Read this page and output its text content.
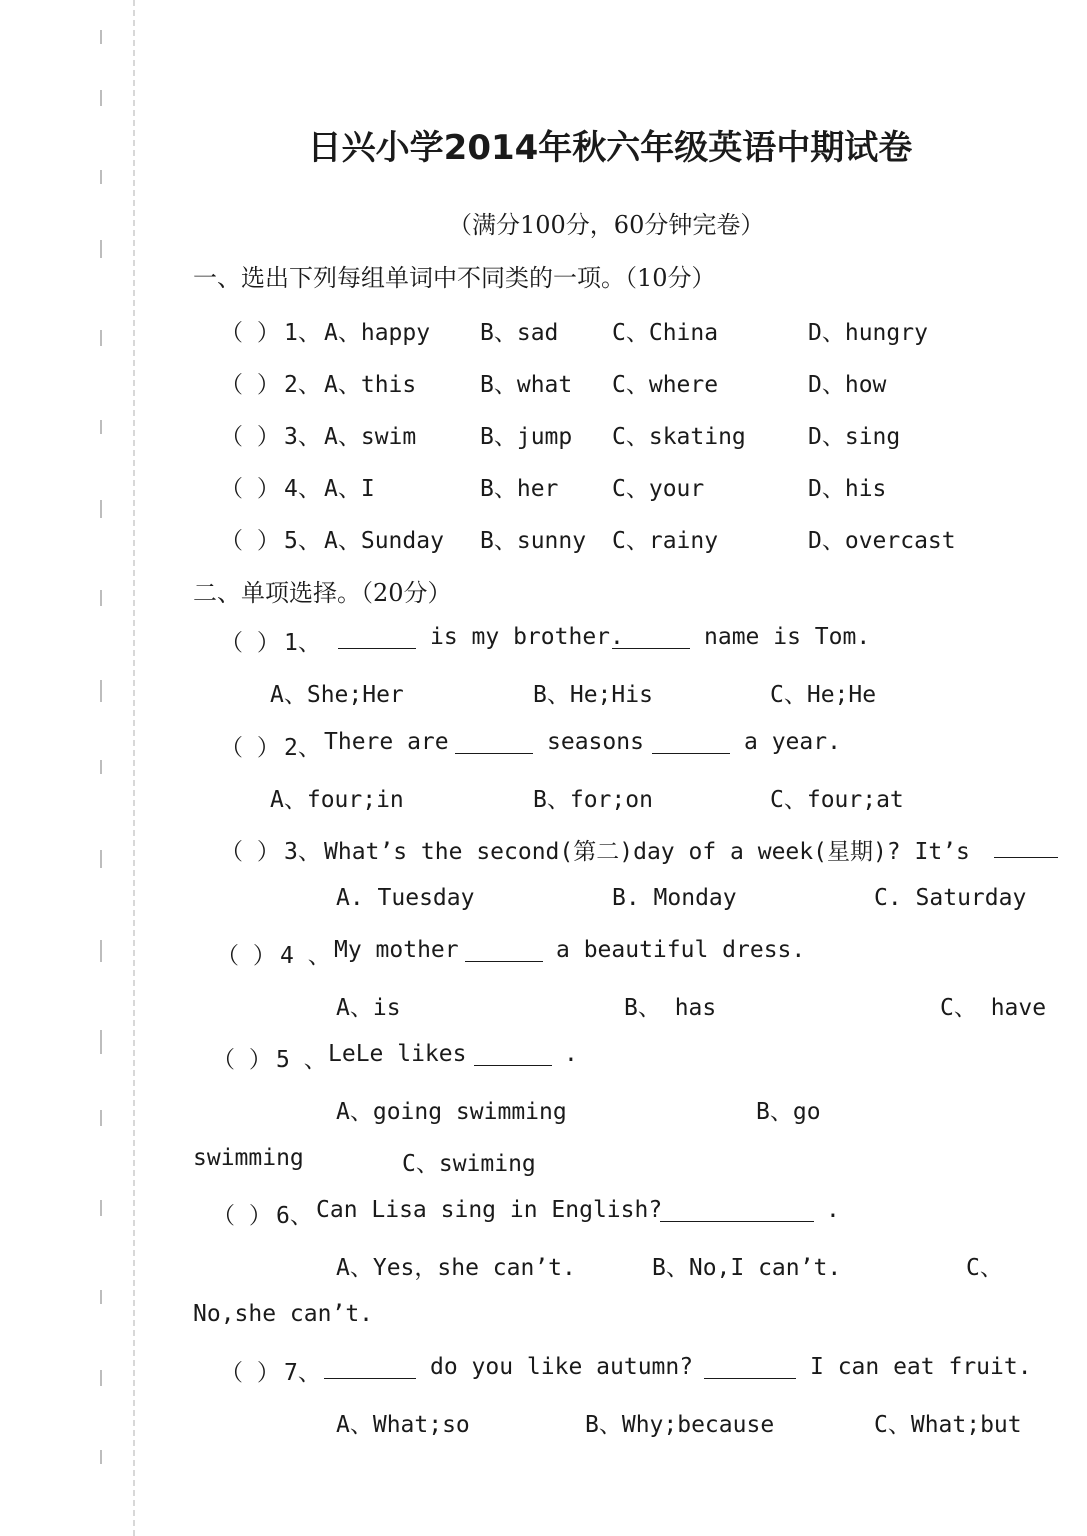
日兴小学2014年秋六年级英语中期试卷
（满分100分，60分钟完卷）
一、选出下列每组单词中不同类的一项。（10分）
（ ） 1、 A、happy B、sad C、China	D、hungry
（ ） 2、 A、this	B、what C、where	D、how
（ ） 3、 A、swim	B、jump C、skating	D、sing
（ ） 4、 A、I	B、her C、your	D、his
（ ） 5、 A、Sunday B、sunny C、rainy	D、overcast
二、单项选择。（20分）
（ ） 1、	is my brother.	name is Tom.
A、She;Her	B、He;His	C、He;He
（ ） 2、 There are	seasons	a year.
A、four;in	B、for;on	C、four;at
（ ） 3、 What’s the second(第二)day of a week(星期)? It’s
A. Tuesday	B. Monday	C. Saturday
（ ） 4 、 My mother	a beautiful dress.
A、is	B、 has	C、 have
（ ） 5 、 LeLe likes	.
A、going swimming	B、go
swimming	C、swiming
（ ） 6、 Can Lisa sing in English?	.
A、Yes，she can’t.	B、No,I can’t.	C、
No,she can’t.
（ ） 7、	do you like autumn?	I can eat fruit.
A、What;so	B、Why;because	C、What;but
